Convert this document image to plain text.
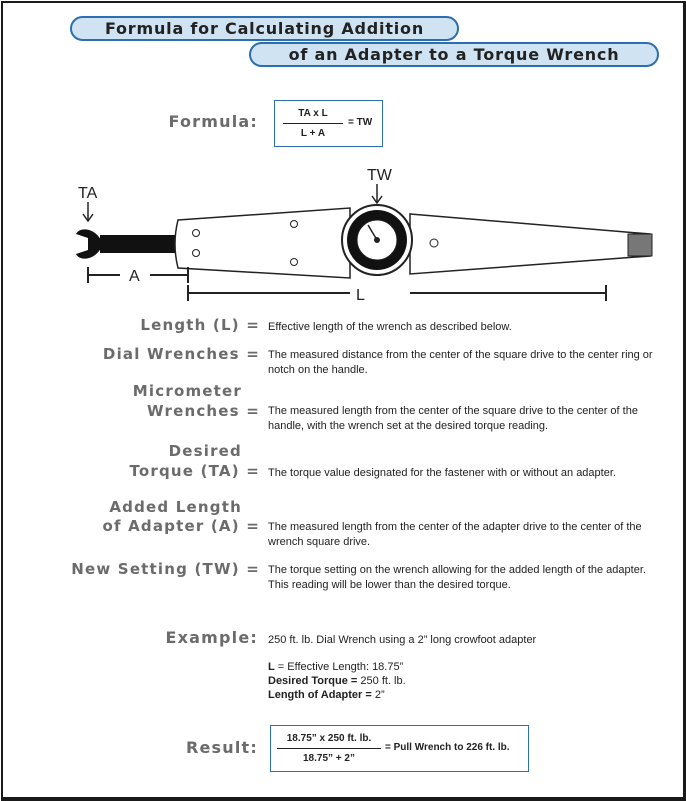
Formula for Calculating Addition
of an Adapter to a Torque Wrench
Formula:	TA x L
L + A
= TW
TA
TW
A
L
Length (L) = Effective length of the wrench as described below.
Dial Wrenches = The measured distance from the center of the square drive to the center ring or notch on the handle.
Micrometer
Wrenches = The measured length from the center of the square drive to the center of the handle, with the wrench set at the desired torque reading.
Desired
Torque (TA) = The torque value designated for the fastener with or without an adapter.
Added Length
of Adapter (A) = The measured length from the center of the adapter drive to the center of the wrench square drive.
New Setting (TW) = The torque setting on the wrench allowing for the added length of the adapter. This reading will be lower than the desired torque.
Example: 250 ft. lb. Dial Wrench using a 2” long crowfoot adapter
L = Effective Length: 18.75”
Desired Torque = 250 ft. lb.
Length of Adapter = 2”
Result:	18.75” x 250 ft. lb.
18.75” + 2”
= Pull Wrench to 226 ft. lb.
